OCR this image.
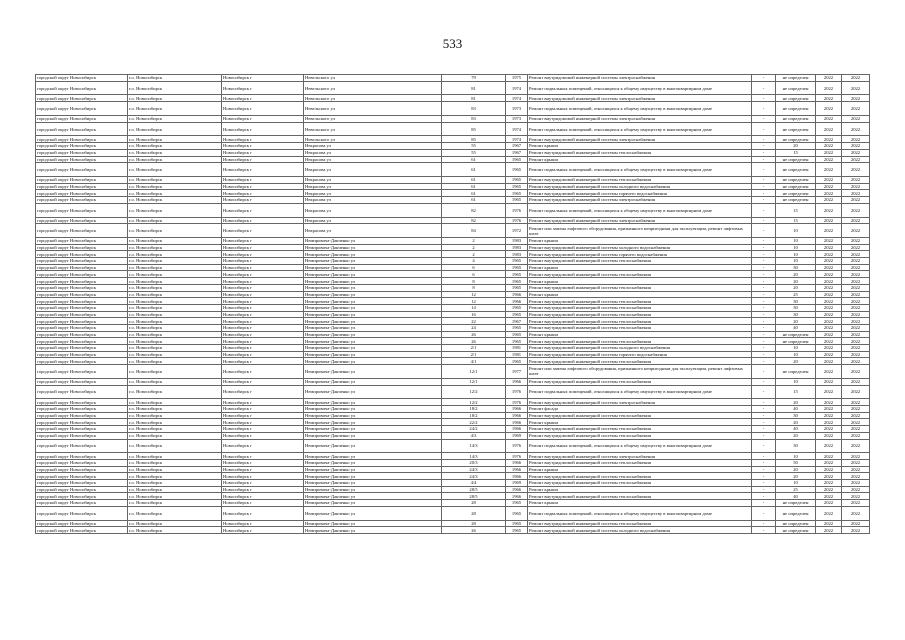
533
городской округ Новосибирск	г.о. Новосибирск	Новосибирск г	Невельского ул	79	1975	Ремонт внутридомовой инженерной системы электроснабжения	-	не определен	2022	2022
городской округ Новосибирск	г.о. Новосибирск	Новосибирск г	Невельского ул	81	1974	Ремонт подвальных помещений, относящихся к общему имуществу в многоквартирном доме	-	не определен	2022	2022
городской округ Новосибирск	г.о. Новосибирск	Новосибирск г	Невельского ул	81	1974	Ремонт внутридомовой инженерной системы электроснабжения	-	не определен	2022	2022
городской округ Новосибирск	г.о. Новосибирск	Новосибирск г	Невельского ул	83	1973	Ремонт подвальных помещений, относящихся к общему имуществу в многоквартирном доме	-	не определен	2022	2022
городской округ Новосибирск	г.о. Новосибирск	Новосибирск г	Невельского ул	83	1973	Ремонт внутридомовой инженерной системы электроснабжения	-	не определен	2022	2022
городской округ Новосибирск	г.о. Новосибирск	Новосибирск г	Невельского ул	85	1974	Ремонт подвальных помещений, относящихся к общему имуществу в многоквартирном доме	-	не определен	2022	2022
городской округ Новосибирск	г.о. Новосибирск	Новосибирск г	Невельского ул	85	1974	Ремонт внутридомовой инженерной системы электроснабжения	-	не определен	2022	2022
городской округ Новосибирск	г.о. Новосибирск	Новосибирск г	Некрасова ул	55	1967	Ремонт крыши	-	20	2022	2022
городской округ Новосибирск	г.о. Новосибирск	Новосибирск г	Некрасова ул	55	1967	Ремонт внутридомовой инженерной системы теплоснабжения	-	15	2022	2022
городской округ Новосибирск	г.о. Новосибирск	Новосибирск г	Некрасова ул	61	1965	Ремонт крыши	-	не определен	2022	2022
городской округ Новосибирск	г.о. Новосибирск	Новосибирск г	Некрасова ул	61	1965	Ремонт подвальных помещений, относящихся к общему имуществу в многоквартирном доме	-	не определен	2022	2022
городской округ Новосибирск	г.о. Новосибирск	Новосибирск г	Некрасова ул	61	1965	Ремонт внутридомовой инженерной системы теплоснабжения	-	не определен	2022	2022
городской округ Новосибирск	г.о. Новосибирск	Новосибирск г	Некрасова ул	61	1965	Ремонт внутридомовой инженерной системы холодного водоснабжения	-	не определен	2022	2022
городской округ Новосибирск	г.о. Новосибирск	Новосибирск г	Некрасова ул	61	1965	Ремонт внутридомовой инженерной системы горячего водоснабжения	-	не определен	2022	2022
городской округ Новосибирск	г.о. Новосибирск	Новосибирск г	Некрасова ул	61	1965	Ремонт внутридомовой инженерной системы электроснабжения	-	не определен	2022	2022
городской округ Новосибирск	г.о. Новосибирск	Новосибирск г	Некрасова ул	82	1976	Ремонт подвальных помещений, относящихся к общему имуществу в многоквартирном доме	-	15	2022	2022
городской округ Новосибирск	г.о. Новосибирск	Новосибирск г	Некрасова ул	82	1976	Ремонт внутридомовой инженерной системы электроснабжения	-	15	2022	2022
городской округ Новосибирск	г.о. Новосибирск	Новосибирск г	Некрасова ул	84	1972	Ремонт или замена лифтового оборудования, признанного непригодным для эксплуатации, ремонт лифтовых шахт	-	10	2022	2022
городской округ Новосибирск	г.о. Новосибирск	Новосибирск г	Немировича-Данченко ул	2	1983	Ремонт крыши	-	10	2022	2022
городской округ Новосибирск	г.о. Новосибирск	Новосибирск г	Немировича-Данченко ул	2	1983	Ремонт внутридомовой инженерной системы холодного водоснабжения	-	10	2022	2022
городской округ Новосибирск	г.о. Новосибирск	Новосибирск г	Немировича-Данченко ул	2	1983	Ремонт внутридомовой инженерной системы горячего водоснабжения	-	10	2022	2022
городской округ Новосибирск	г.о. Новосибирск	Новосибирск г	Немировича-Данченко ул	4	1965	Ремонт внутридомовой инженерной системы теплоснабжения	-	10	2022	2022
городской округ Новосибирск	г.о. Новосибирск	Новосибирск г	Немировича-Данченко ул	6	1965	Ремонт крыши	-	30	2022	2022
городской округ Новосибирск	г.о. Новосибирск	Новосибирск г	Немировича-Данченко ул	6	1965	Ремонт внутридомовой инженерной системы теплоснабжения	-	20	2022	2022
городской округ Новосибирск	г.о. Новосибирск	Новосибирск г	Немировича-Данченко ул	8	1965	Ремонт крыши	-	20	2022	2022
городской округ Новосибирск	г.о. Новосибирск	Новосибирск г	Немировича-Данченко ул	8	1965	Ремонт внутридомовой инженерной системы теплоснабжения	-	20	2022	2022
городской округ Новосибирск	г.о. Новосибирск	Новосибирск г	Немировича-Данченко ул	12	1966	Ремонт крыши	-	25	2022	2022
городской округ Новосибирск	г.о. Новосибирск	Новосибирск г	Немировича-Данченко ул	12	1966	Ремонт внутридомовой инженерной системы теплоснабжения	-	30	2022	2022
городской округ Новосибирск	г.о. Новосибирск	Новосибирск г	Немировича-Данченко ул	14	1965	Ремонт внутридомовой инженерной системы теплоснабжения	-	30	2022	2022
городской округ Новосибирск	г.о. Новосибирск	Новосибирск г	Немировича-Данченко ул	16	1965	Ремонт внутридомовой инженерной системы теплоснабжения	-	30	2022	2022
городской округ Новосибирск	г.о. Новосибирск	Новосибирск г	Немировича-Данченко ул	22	1967	Ремонт внутридомовой инженерной системы теплоснабжения	-	20	2022	2022
городской округ Новосибирск	г.о. Новосибирск	Новосибирск г	Немировича-Данченко ул	24	1965	Ремонт внутридомовой инженерной системы теплоснабжения	-	40	2022	2022
городской округ Новосибирск	г.о. Новосибирск	Новосибирск г	Немировича-Данченко ул	26	1965	Ремонт крыши	-	не определен	2022	2022
городской округ Новосибирск	г.о. Новосибирск	Новосибирск г	Немировича-Данченко ул	26	1965	Ремонт внутридомовой инженерной системы теплоснабжения	-	не определен	2022	2022
городской округ Новосибирск	г.о. Новосибирск	Новосибирск г	Немировича-Данченко ул	2/1	1981	Ремонт внутридомовой инженерной системы холодного водоснабжения	-	10	2022	2022
городской округ Новосибирск	г.о. Новосибирск	Новосибирск г	Немировича-Данченко ул	2/1	1981	Ремонт внутридомовой инженерной системы горячего водоснабжения	-	10	2022	2022
городской округ Новосибирск	г.о. Новосибирск	Новосибирск г	Немировича-Данченко ул	4/1	1965	Ремонт внутридомовой инженерной системы теплоснабжения	-	20	2022	2022
городской округ Новосибирск	г.о. Новосибирск	Новосибирск г	Немировича-Данченко ул	12/1	1977	Ремонт или замена лифтового оборудования, признанного непригодным для эксплуатации, ремонт лифтовых шахт	-	не определен	2022	2022
городской округ Новосибирск	г.о. Новосибирск	Новосибирск г	Немировича-Данченко ул	12/1	1966	Ремонт внутридомовой инженерной системы теплоснабжения	-	10	2022	2022
городской округ Новосибирск	г.о. Новосибирск	Новосибирск г	Немировича-Данченко ул	12/2	1976	Ремонт подвальных помещений, относящихся к общему имуществу в многоквартирном доме	-	15	2022	2022
городской округ Новосибирск	г.о. Новосибирск	Новосибирск г	Немировича-Данченко ул	12/2	1976	Ремонт внутридомовой инженерной системы электроснабжения	-	20	2022	2022
городской округ Новосибирск	г.о. Новосибирск	Новосибирск г	Немировича-Данченко ул	18/2	1966	Ремонт фасада	-	40	2022	2022
городской округ Новосибирск	г.о. Новосибирск	Новосибирск г	Немировича-Данченко ул	18/2	1966	Ремонт внутридомовой инженерной системы теплоснабжения	-	30	2022	2022
городской округ Новосибирск	г.о. Новосибирск	Новосибирск г	Немировича-Данченко ул	22/2	1966	Ремонт крыши	-	20	2022	2022
городской округ Новосибирск	г.о. Новосибирск	Новосибирск г	Немировича-Данченко ул	24/2	1966	Ремонт внутридомовой инженерной системы теплоснабжения	-	40	2022	2022
городской округ Новосибирск	г.о. Новосибирск	Новосибирск г	Немировича-Данченко ул	4/3	1969	Ремонт внутридомовой инженерной системы теплоснабжения	-	20	2022	2022
городской округ Новосибирск	г.о. Новосибирск	Новосибирск г	Немировича-Данченко ул	14/3	1976	Ремонт подвальных помещений, относящихся к общему имуществу в многоквартирном доме	-	30	2022	2022
городской округ Новосибирск	г.о. Новосибирск	Новосибирск г	Немировича-Данченко ул	14/3	1976	Ремонт внутридомовой инженерной системы электроснабжения	-	10	2022	2022
городской округ Новосибирск	г.о. Новосибирск	Новосибирск г	Немировича-Данченко ул	20/3	1966	Ремонт внутридомовой инженерной системы теплоснабжения	-	50	2022	2022
городской округ Новосибирск	г.о. Новосибирск	Новосибирск г	Немировича-Данченко ул	24/3	1966	Ремонт крыши	-	20	2022	2022
городской округ Новосибирск	г.о. Новосибирск	Новосибирск г	Немировича-Данченко ул	24/3	1966	Ремонт внутридомовой инженерной системы теплоснабжения	-	20	2022	2022
городской округ Новосибирск	г.о. Новосибирск	Новосибирск г	Немировича-Данченко ул	4/4	1969	Ремонт внутридомовой инженерной системы теплоснабжения	-	10	2022	2022
городской округ Новосибирск	г.о. Новосибирск	Новосибирск г	Немировича-Данченко ул	28/5	1966	Ремонт крыши	-	25	2022	2022
городской округ Новосибирск	г.о. Новосибирск	Новосибирск г	Немировича-Данченко ул	28/5	1966	Ремонт внутридомовой инженерной системы теплоснабжения	-	40	2022	2022
городской округ Новосибирск	г.о. Новосибирск	Новосибирск г	Немировича-Данченко ул	28	1965	Ремонт крыши	-	не определен	2022	2022
городской округ Новосибирск	г.о. Новосибирск	Новосибирск г	Немировича-Данченко ул	28	1965	Ремонт подвальных помещений, относящихся к общему имуществу в многоквартирном доме	-	не определен	2022	2022
городской округ Новосибирск	г.о. Новосибирск	Новосибирск г	Немировича-Данченко ул	28	1965	Ремонт внутридомовой инженерной системы теплоснабжения	-	не определен	2022	2022
городской округ Новосибирск	г.о. Новосибирск	Новосибирск г	Немировича-Данченко ул	26	1965	Ремонт внутридомовой инженерной системы холодного водоснабжения	-	не определен	2022	2022
